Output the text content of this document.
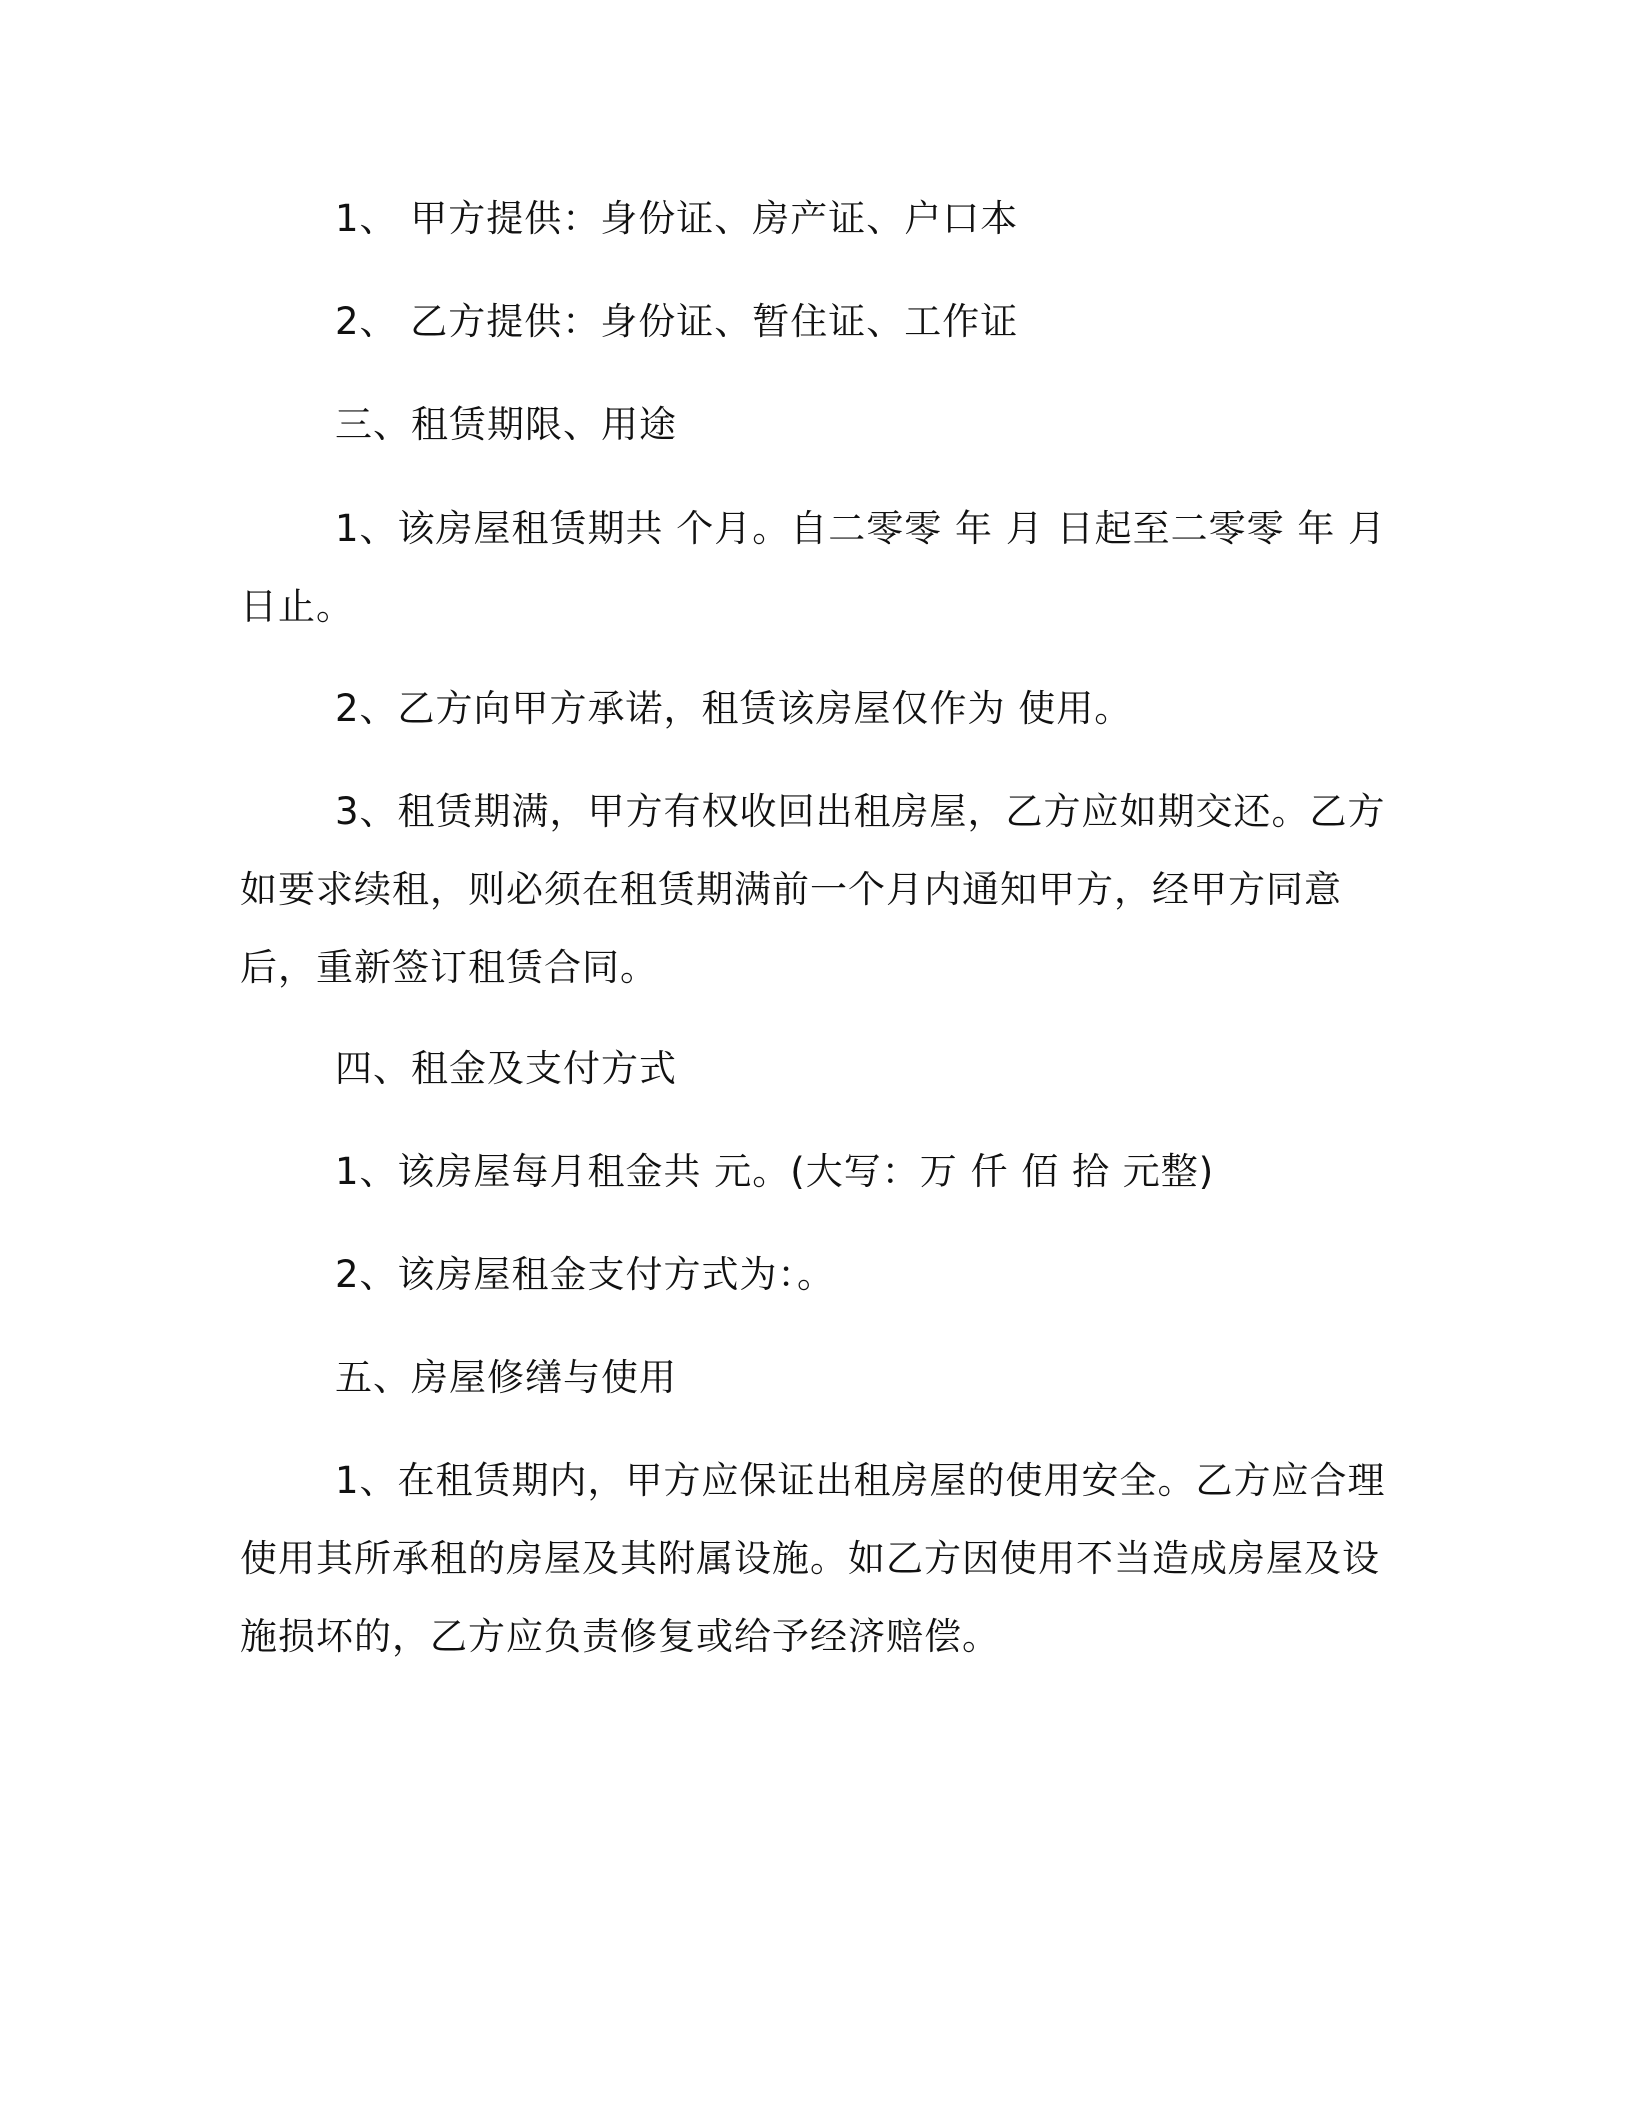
1、 甲方提供：身份证、房产证、户口本

2、 乙方提供：身份证、暂住证、工作证

三、租赁期限、用途

1、该房屋租赁期共 个月。自二零零 年 月 日起至二零零 年 月 日止。

2、乙方向甲方承诺，租赁该房屋仅作为 使用。

3、租赁期满，甲方有权收回出租房屋，乙方应如期交还。乙方如要求续租，则必须在租赁期满前一个月内通知甲方，经甲方同意后，重新签订租赁合同。

四、租金及支付方式

1、该房屋每月租金共 元。(大写：万 仟 佰 拾 元整)

2、该房屋租金支付方式为：。

五、房屋修缮与使用

1、在租赁期内，甲方应保证出租房屋的使用安全。乙方应合理使用其所承租的房屋及其附属设施。如乙方因使用不当造成房屋及设施损坏的，乙方应负责修复或给予经济赔偿。
